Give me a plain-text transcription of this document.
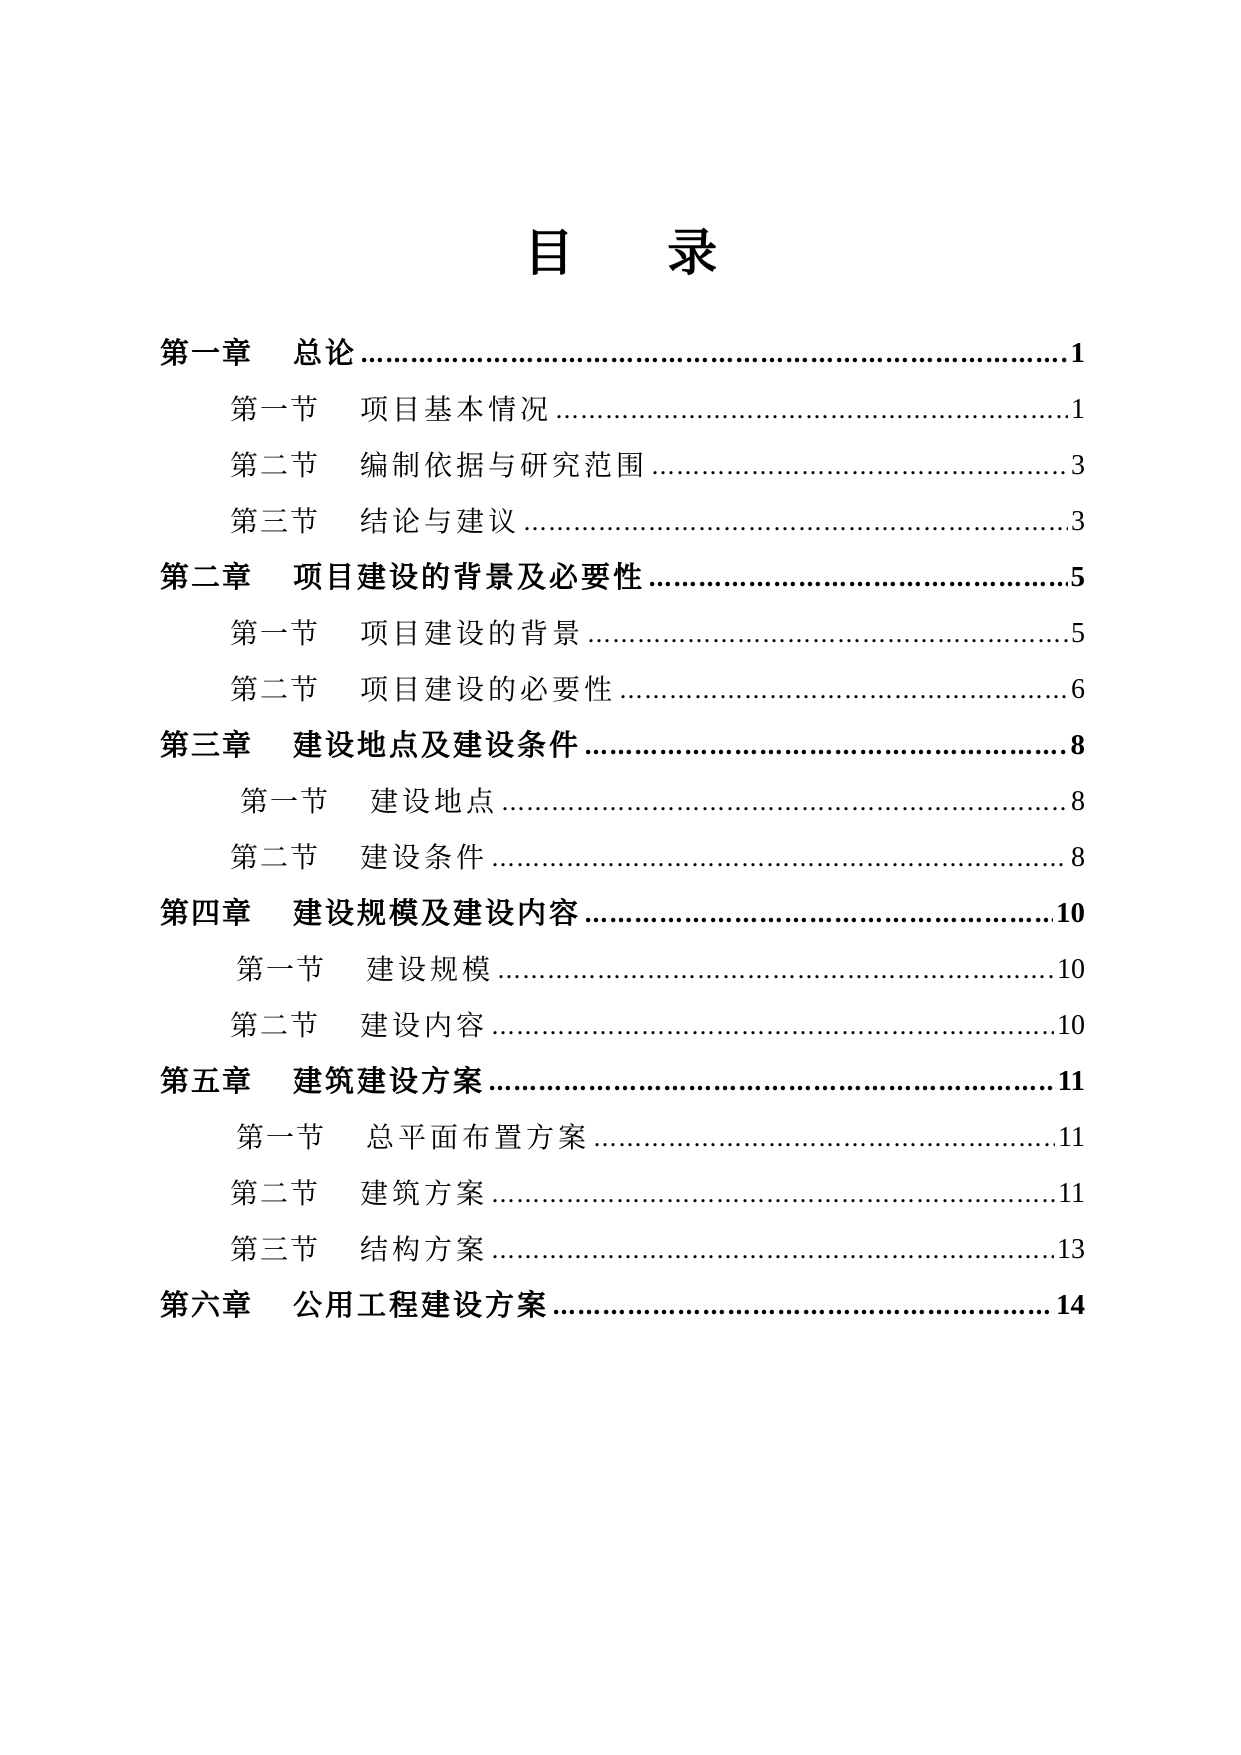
目 录
第一章 总论 ………………………………………………………………………………………………………………………………………………………………………………	1
第一节 项目基本情况 ………………………………………………………………………………………………………………………………………………………………………………	1
第二节 编制依据与研究范围 ………………………………………………………………………………………………………………………………………………………………………………	3
第三节 结论与建议 ………………………………………………………………………………………………………………………………………………………………………………	3
第二章 项目建设的背景及必要性 ………………………………………………………………………………………………………………………………………………………………………………	5
第一节 项目建设的背景 ………………………………………………………………………………………………………………………………………………………………………………	5
第二节 项目建设的必要性 ………………………………………………………………………………………………………………………………………………………………………………	6
第三章 建设地点及建设条件 ………………………………………………………………………………………………………………………………………………………………………………	8
第一节 建设地点 ………………………………………………………………………………………………………………………………………………………………………………	8
第二节 建设条件 ………………………………………………………………………………………………………………………………………………………………………………	8
第四章 建设规模及建设内容 ………………………………………………………………………………………………………………………………………………………………………………	10
第一节 建设规模 ………………………………………………………………………………………………………………………………………………………………………………	10
第二节 建设内容 ………………………………………………………………………………………………………………………………………………………………………………	10
第五章 建筑建设方案 ………………………………………………………………………………………………………………………………………………………………………………	11
第一节 总平面布置方案 ………………………………………………………………………………………………………………………………………………………………………………	11
第二节 建筑方案 ………………………………………………………………………………………………………………………………………………………………………………	11
第三节 结构方案 ………………………………………………………………………………………………………………………………………………………………………………	13
第六章 公用工程建设方案 ………………………………………………………………………………………………………………………………………………………………………………	14
